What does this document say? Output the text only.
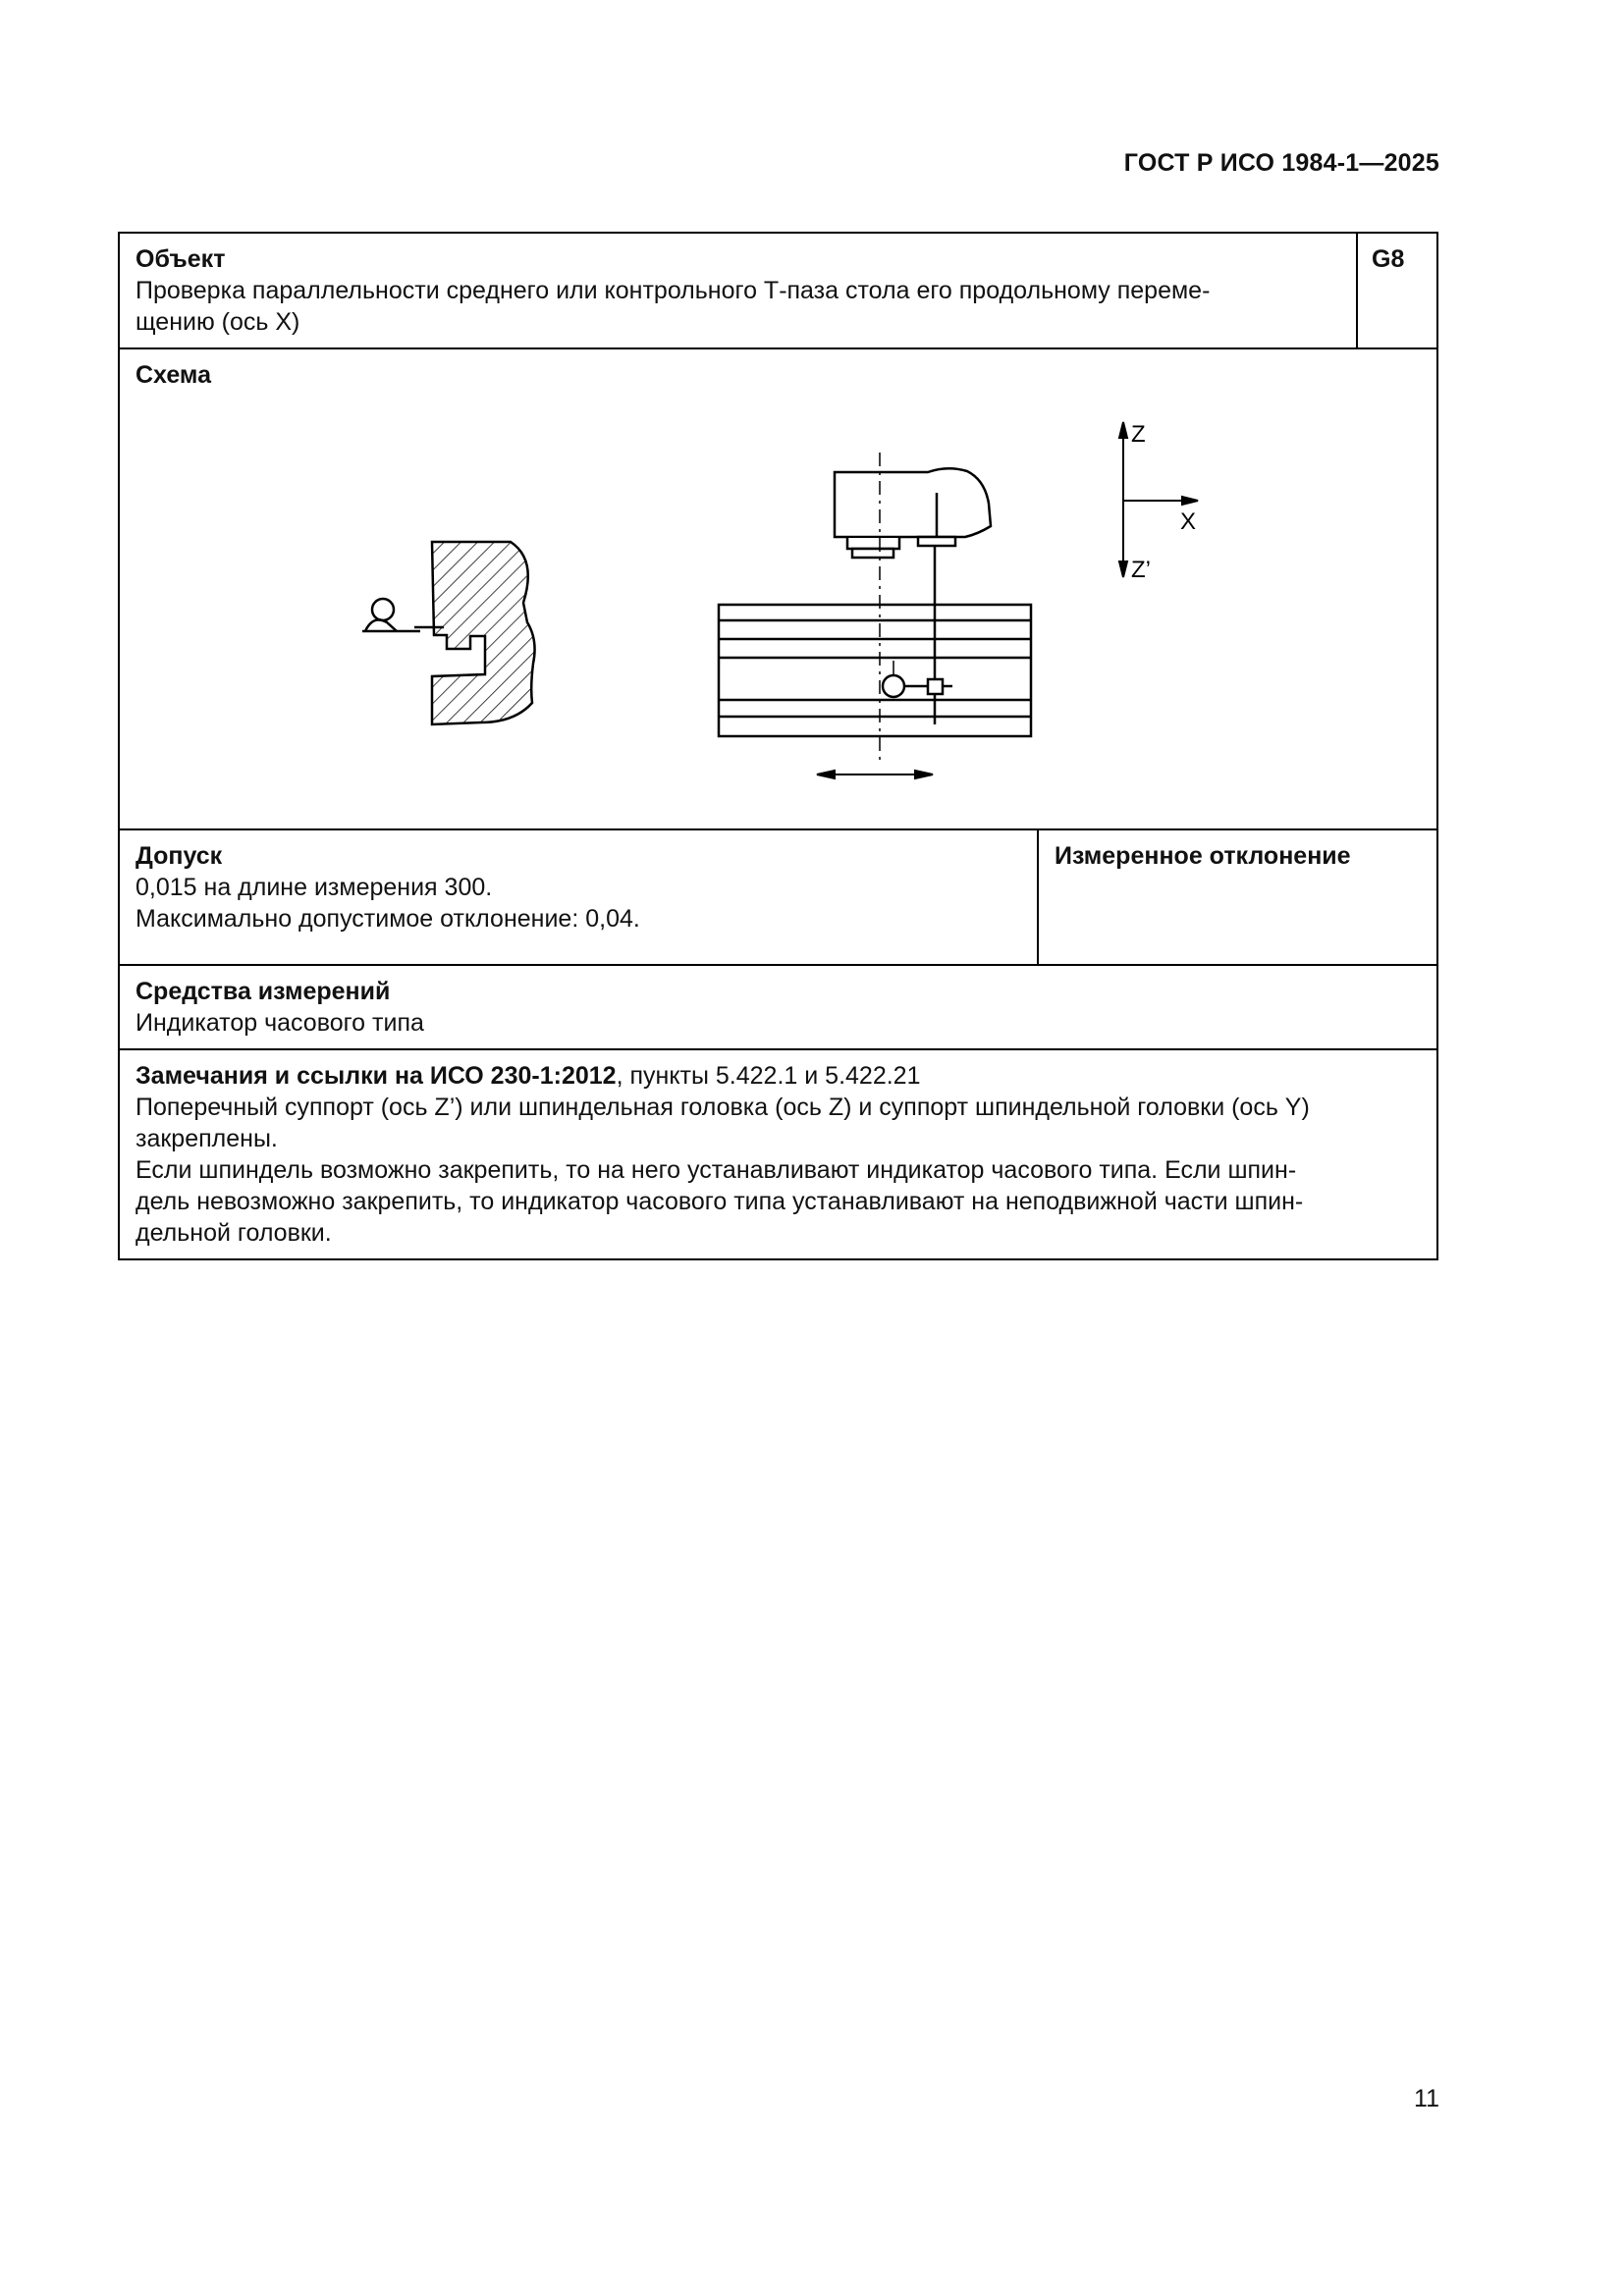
ГОСТ Р ИСО 1984-1—2025
Объект
Проверка параллельности среднего или контрольного Т-паза стола его продольному переме-
щению (ось X)
G8
Схема
Z
X
Z’
Допуск
0,015 на длине измерения 300.
Максимально допустимое отклонение: 0,04.
Измеренное отклонение
Средства измерений
Индикатор часового типа
Замечания и ссылки на ИСО 230-1:2012, пункты 5.422.1 и 5.422.21
Поперечный суппорт (ось Z’) или шпиндельная головка (ось Z) и суппорт шпиндельной головки (ось Y)
закреплены.
Если шпиндель возможно закрепить, то на него устанавливают индикатор часового типа. Если шпин-
дель невозможно закрепить, то индикатор часового типа устанавливают на неподвижной части шпин-
дельной головки.
11
